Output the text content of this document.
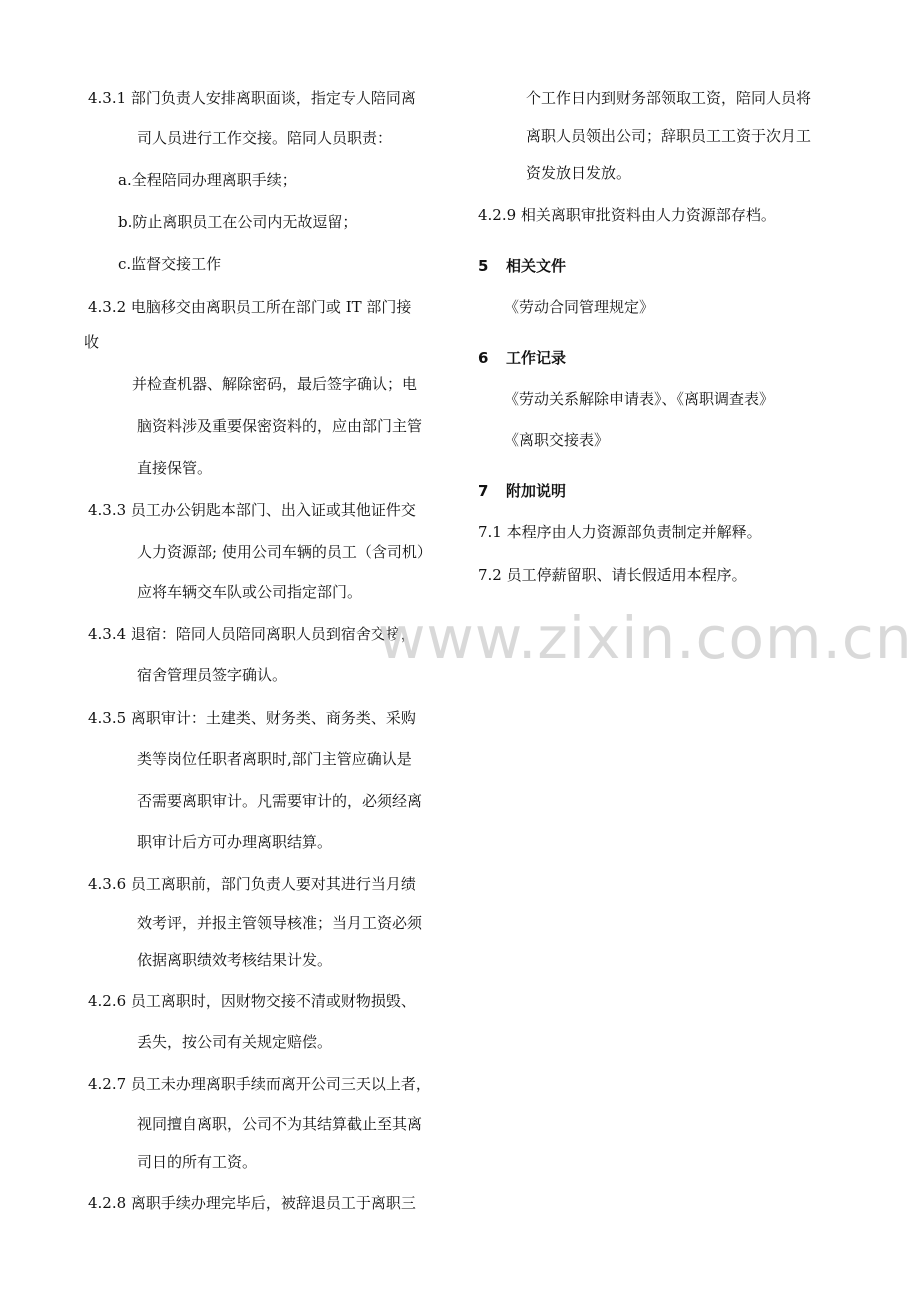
4.3.1 部门负责人安排离职面谈，指定专人陪同离
司人员进行工作交接。陪同人员职责：
a.全程陪同办理离职手续；
b.防止离职员工在公司内无故逗留；
c.监督交接工作
4.3.2 电脑移交由离职员工所在部门或 IT 部门接
收
并检查机器、解除密码，最后签字确认；电
脑资料涉及重要保密资料的，应由部门主管
直接保管。
4.3.3 员工办公钥匙本部门、出入证或其他证件交
人力资源部; 使用公司车辆的员工（含司机）
应将车辆交车队或公司指定部门。
4.3.4 退宿：陪同人员陪同离职人员到宿舍交接，
宿舍管理员签字确认。
4.3.5 离职审计：土建类、财务类、商务类、采购
类等岗位任职者离职时,部门主管应确认是
否需要离职审计。凡需要审计的，必须经离
职审计后方可办理离职结算。
4.3.6 员工离职前，部门负责人要对其进行当月绩
效考评，并报主管领导核准；当月工资必须
依据离职绩效考核结果计发。
4.2.6 员工离职时，因财物交接不清或财物损毁、
丢失，按公司有关规定赔偿。
4.2.7 员工未办理离职手续而离开公司三天以上者，
视同擅自离职，公司不为其结算截止至其离
司日的所有工资。
4.2.8 离职手续办理完毕后，被辞退员工于离职三
个工作日内到财务部领取工资，陪同人员将
离职人员领出公司；辞职员工工资于次月工
资发放日发放。
4.2.9 相关离职审批资料由人力资源部存档。
5 相关文件
《劳动合同管理规定》
6 工作记录
《劳动关系解除申请表》、《离职调查表》
《离职交接表》
7 附加说明
7.1 本程序由人力资源部负责制定并解释。
7.2 员工停薪留职、请长假适用本程序。
www.zixin.com.cn
